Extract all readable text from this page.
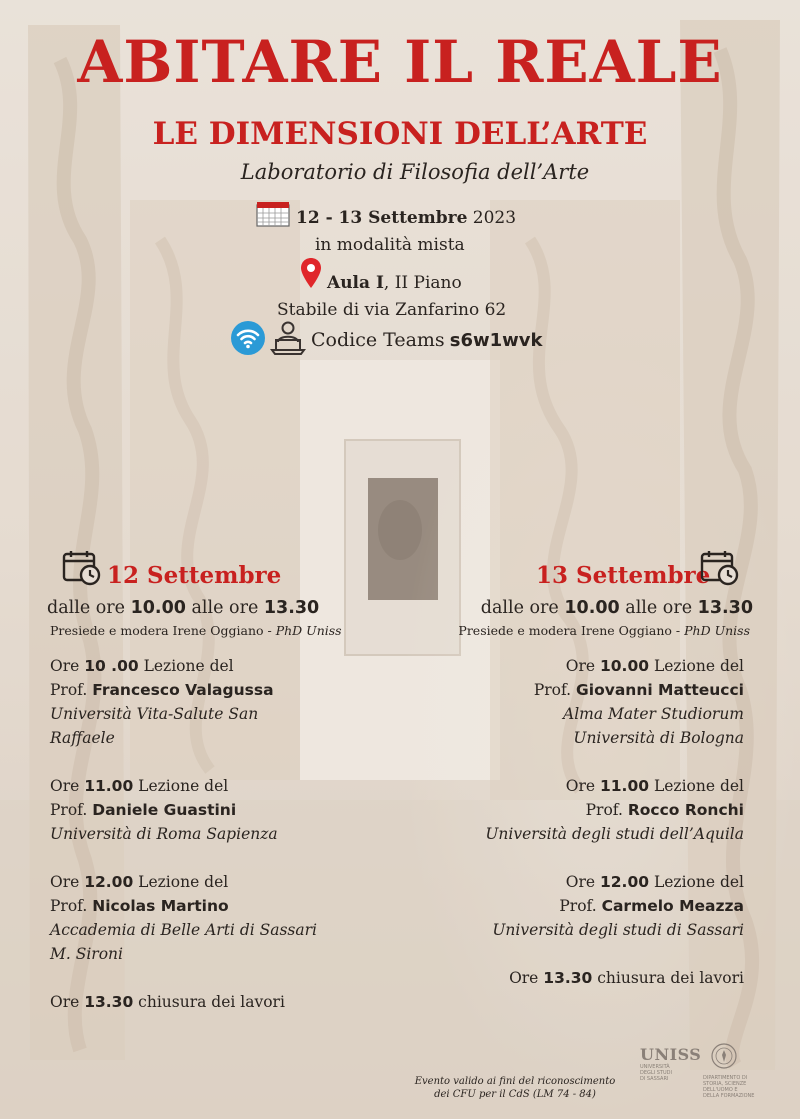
ABITARE IL REALE
LE DIMENSIONI DELL’ARTE
Laboratorio di Filosofia dell’Arte
12 - 13 Settembre 2023
in modalità mista
Aula I, II Piano
Stabile di via Zanfarino 62
Codice Teams s6w1wvk
12 Settembre
dalle ore 10.00 alle ore 13.30
Presiede e modera Irene Oggiano - PhD Uniss

Ore 10 .00 Lezione del

Prof. Francesco Valagussa

Università Vita-Salute San

Raffaele

Ore 11.00 Lezione del

Prof. Daniele Guastini

Università di Roma Sapienza

Ore 12.00 Lezione del

Prof. Nicolas Martino

Accademia di Belle Arti di Sassari

M. Sironi

Ore 13.30 chiusura dei lavori

13 Settembre
dalle ore 10.00 alle ore 13.30
Presiede e modera Irene Oggiano - PhD Uniss

Ore 10.00 Lezione del

Prof. Giovanni Matteucci

Alma Mater Studiorum

Università di Bologna

Ore 11.00 Lezione del

Prof. Rocco Ronchi

Università degli studi dell’Aquila

Ore 12.00 Lezione del

Prof. Carmelo Meazza

Università degli studi di Sassari

Ore 13.30 chiusura dei lavori

Evento valido ai fini del riconoscimento
dei CFU per il CdS (LM 74 - 84)
UNISS
UNIVERSITÀ
DEGLI STUDI
DI SASSARI	DIPARTIMENTO DI
STORIA, SCIENZE
DELL'UOMO E
DELLA FORMAZIONE
